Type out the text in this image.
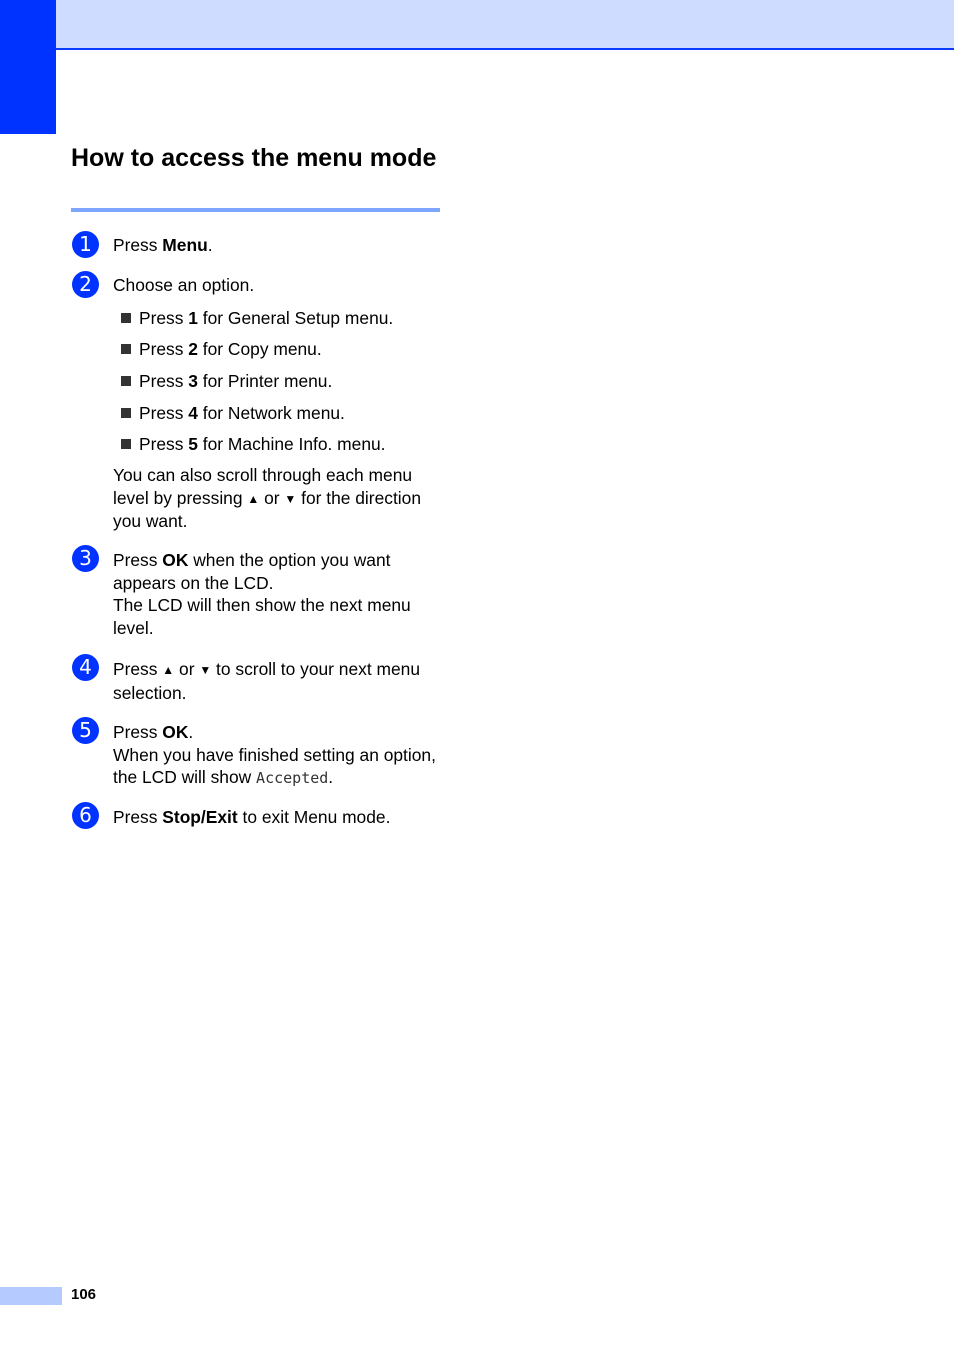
How to access the menu mode
1	Press Menu.

2	Choose an option.

Press 1 for General Setup menu.
Press 2 for Copy menu.
Press 3 for Printer menu.
Press 4 for Network menu.
Press 5 for Machine Info. menu.

You can also scroll through each menu level by pressing ▲ or ▼ for the direction you want.

3	Press OK when the option you want appears on the LCD.
The LCD will then show the next menu level.

4	Press ▲ or ▼ to scroll to your next menu selection.

5	Press OK.
When you have finished setting an option, the LCD will show Accepted.

6	Press Stop/Exit to exit Menu mode.

106
